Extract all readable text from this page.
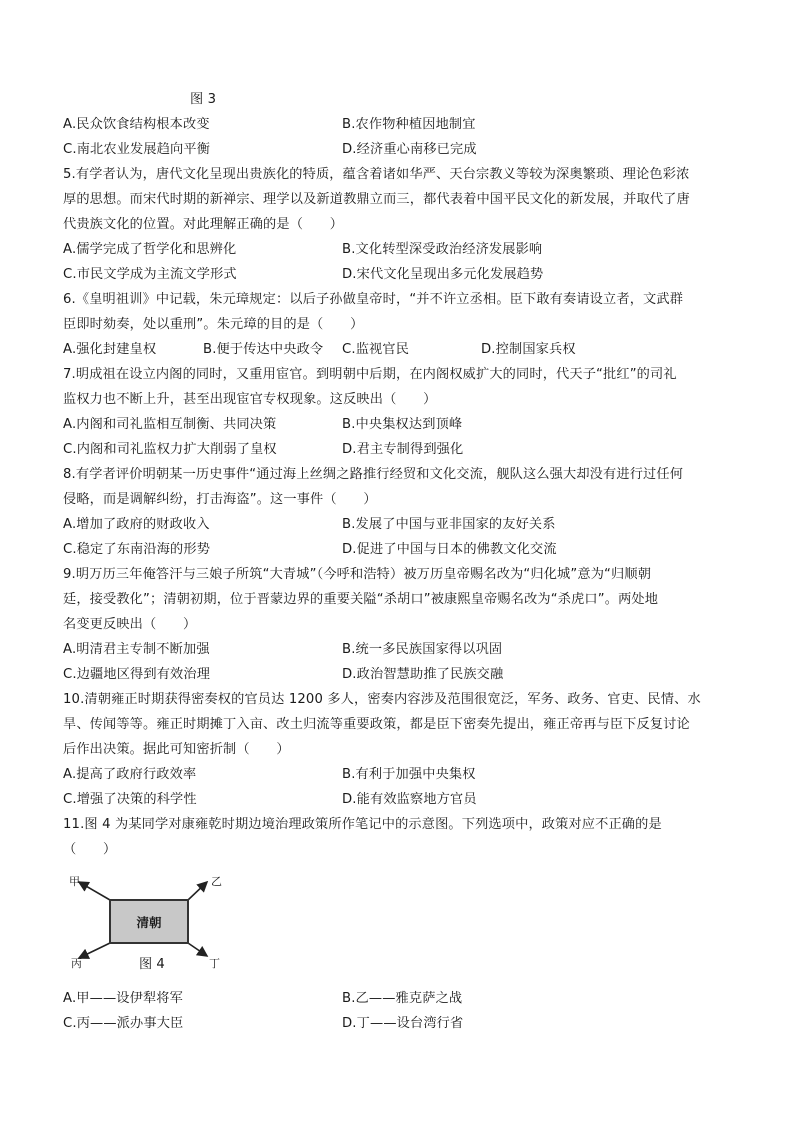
图 3
A.民众饮食结构根本改变	B.农作物种植因地制宜
C.南北农业发展趋向平衡	D.经济重心南移已完成
5.有学者认为，唐代文化呈现出贵族化的特质，蕴含着诸如华严、天台宗教义等较为深奥繁琐、理论色彩浓
厚的思想。而宋代时期的新禅宗、理学以及新道教鼎立而三，都代表着中国平民文化的新发展，并取代了唐
代贵族文化的位置。对此理解正确的是（　　）
A.儒学完成了哲学化和思辨化	B.文化转型深受政治经济发展影响
C.市民文学成为主流文学形式	D.宋代文化呈现出多元化发展趋势
6.《皇明祖训》中记载，朱元璋规定：以后子孙做皇帝时，“并不许立丞相。臣下敢有奏请设立者，文武群
臣即时劾奏，处以重刑”。朱元璋的目的是（　　）
A.强化封建皇权	B.便于传达中央政令	C.监视官民	D.控制国家兵权
7.明成祖在设立内阁的同时，又重用宦官。到明朝中后期，在内阁权威扩大的同时，代天子“批红”的司礼
监权力也不断上升，甚至出现宦官专权现象。这反映出（　　）
A.内阁和司礼监相互制衡、共同决策	B.中央集权达到顶峰
C.内阁和司礼监权力扩大削弱了皇权	D.君主专制得到强化
8.有学者评价明朝某一历史事件“通过海上丝绸之路推行经贸和文化交流，舰队这么强大却没有进行过任何
侵略，而是调解纠纷，打击海盗”。这一事件（　　）
A.增加了政府的财政收入	B.发展了中国与亚非国家的友好关系
C.稳定了东南沿海的形势	D.促进了中国与日本的佛教文化交流
9.明万历三年俺答汗与三娘子所筑“大青城”（今呼和浩特）被万历皇帝赐名改为“归化城”意为“归顺朝
廷，接受教化”；清朝初期，位于晋蒙边界的重要关隘“杀胡口”被康熙皇帝赐名改为“杀虎口”。两处地
名变更反映出（　　）
A.明清君主专制不断加强	B.统一多民族国家得以巩固
C.边疆地区得到有效治理	D.政治智慧助推了民族交融
10.清朝雍正时期获得密奏权的官员达 1200 多人，密奏内容涉及范围很宽泛，军务、政务、官吏、民情、水
旱、传闻等等。雍正时期摊丁入亩、改土归流等重要政策，都是臣下密奏先提出，雍正帝再与臣下反复讨论
后作出决策。据此可知密折制（　　）
A.提高了政府行政效率	B.有利于加强中央集权
C.增强了决策的科学性	D.能有效监察地方官员
11.图 4 为某同学对康雍乾时期边境治理政策所作笔记中的示意图。下列选项中，政策对应不正确的是
（　　）
清朝
甲	乙
丙	丁
图 4
A.甲——设伊犁将军	B.乙——雅克萨之战
C.丙——派办事大臣	D.丁——设台湾行省
